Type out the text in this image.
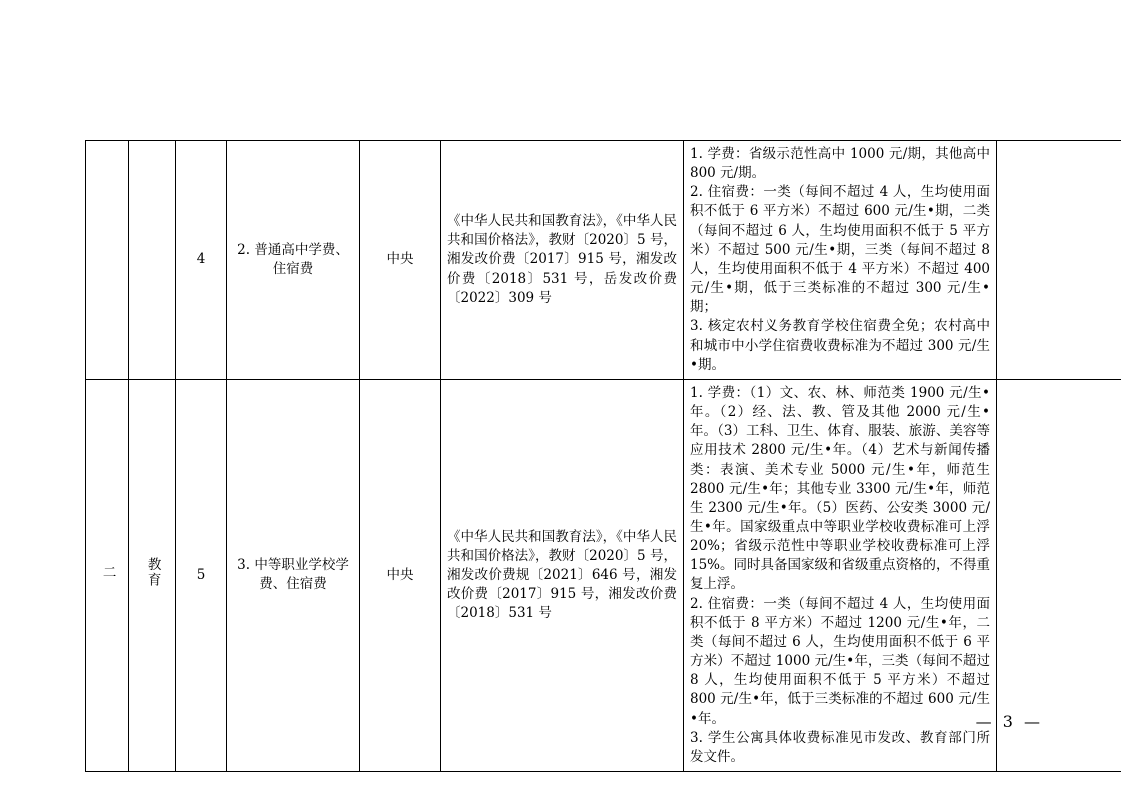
		4	2. 普通高中学费、住宿费	中央	《中华人民共和国教育法》，《中华人民共和国价格法》，教财〔2020〕5 号，湘发改价费〔2017〕915 号，湘发改价费〔2018〕531 号，岳发改价费〔2022〕309 号	1. 学费：省级示范性高中 1000 元/期，其他高中 800 元/期。
2. 住宿费：一类（每间不超过 4 人，生均使用面积不低于 6 平方米）不超过 600 元/生•期，二类（每间不超过 6 人，生均使用面积不低于 5 平方米）不超过 500 元/生•期，三类（每间不超过 8 人，生均使用面积不低于 4 平方米）不超过 400 元/生•期，低于三类标准的不超过 300 元/生•期；
3. 核定农村义务教育学校住宿费全免；农村高中和城市中小学住宿费收费标准为不超过 300 元/生•期。	

二	教育	5	3. 中等职业学校学费、住宿费	中央	《中华人民共和国教育法》，《中华人民共和国价格法》，教财〔2020〕5 号，湘发改价费规〔2021〕646 号，湘发改价费〔2017〕915 号，湘发改价费〔2018〕531 号	1. 学费：（1）文、农、林、师范类 1900 元/生•年。（2）经、法、教、管及其他 2000 元/生•年。（3）工科、卫生、体育、服装、旅游、美容等应用技术 2800 元/生•年。（4）艺术与新闻传播类：表演、美术专业 5000 元/生•年，师范生 2800 元/生•年；其他专业 3300 元/生•年，师范生 2300 元/生•年。（5）医药、公安类 3000 元/生•年。国家级重点中等职业学校收费标准可上浮 20%；省级示范性中等职业学校收费标准可上浮 15%。同时具备国家级和省级重点资格的，不得重复上浮。
2. 住宿费：一类（每间不超过 4 人，生均使用面积不低于 8 平方米）不超过 1200 元/生•年，二类（每间不超过 6 人，生均使用面积不低于 6 平方米）不超过 1000 元/生•年，三类（每间不超过 8 人，生均使用面积不低于 5 平方米）不超过 800 元/生•年，低于三类标准的不超过 600 元/生•年。
3. 学生公寓具体收费标准见市发改、教育部门所发文件。	

— 3 —
